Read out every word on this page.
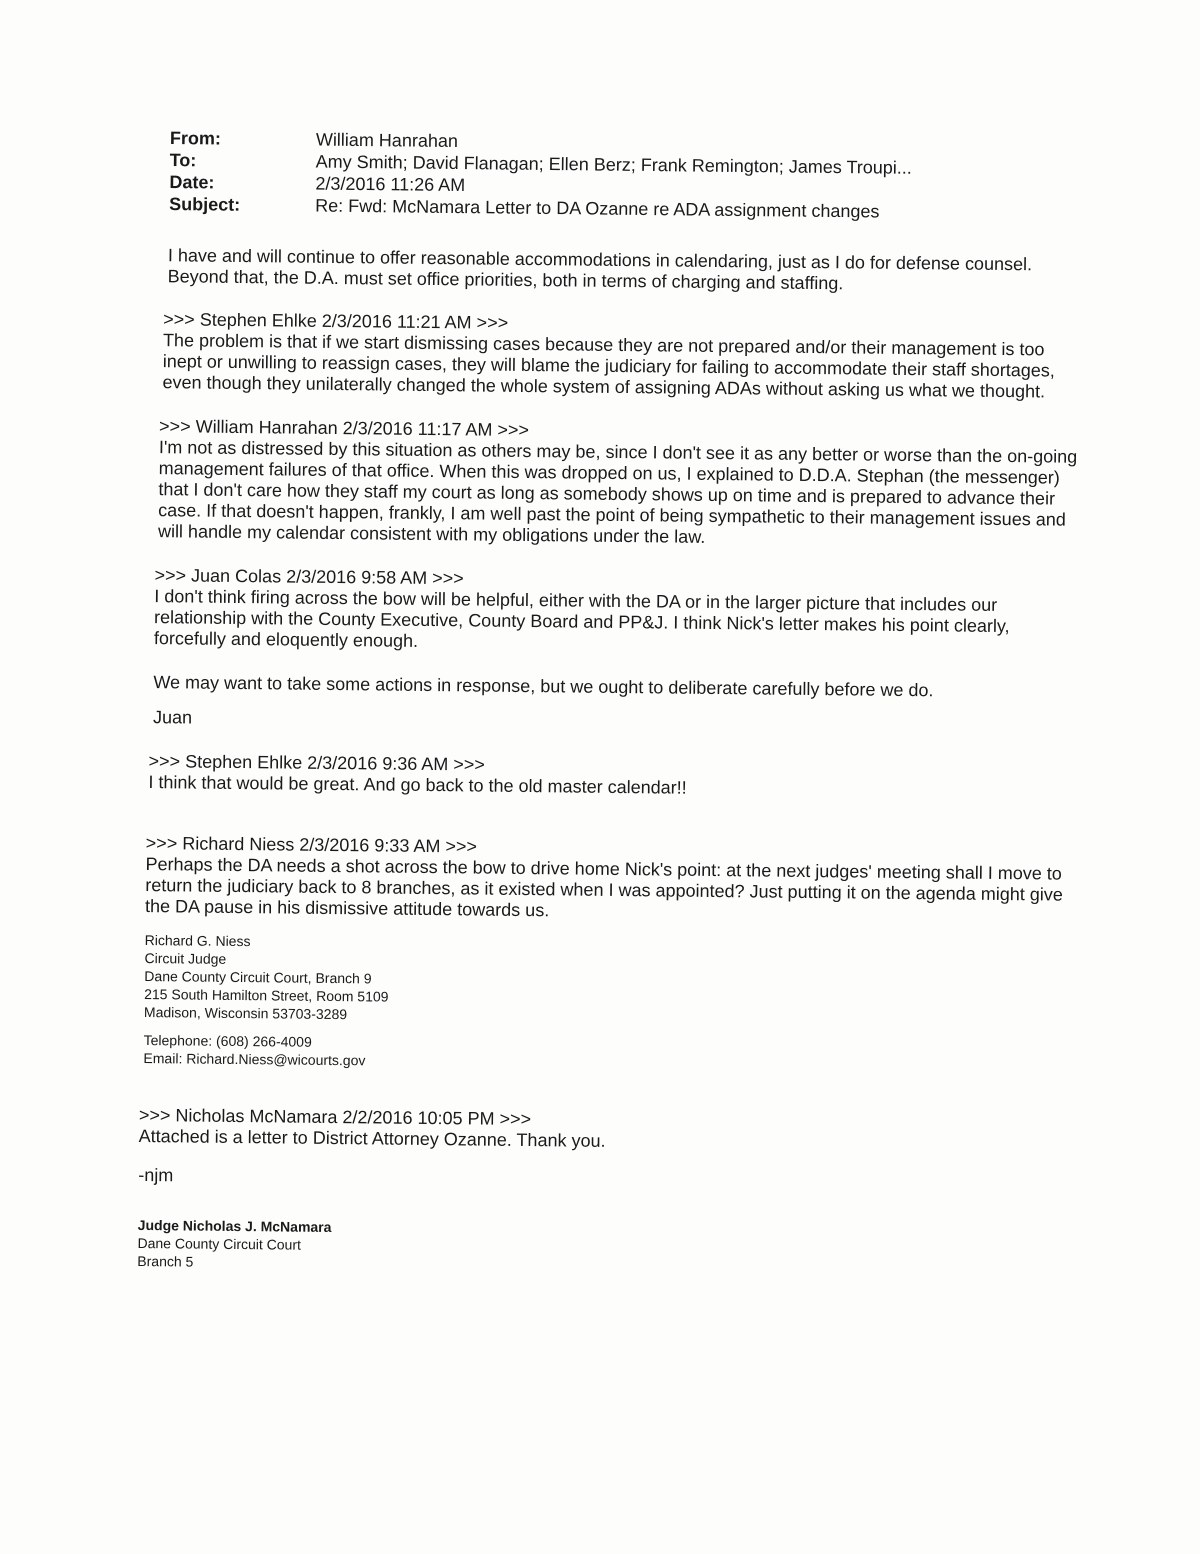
From:	William Hanrahan
To:	Amy Smith; David Flanagan; Ellen Berz; Frank Remington; James Troupi...
Date:	2/3/2016 11:26 AM
Subject:	Re: Fwd: McNamara Letter to DA Ozanne re ADA assignment changes

I have and will continue to offer reasonable accommodations in calendaring, just as I do for defense counsel. Beyond that, the D.A. must set office priorities, both in terms of charging and staffing.

>>> Stephen Ehlke 2/3/2016 11:21 AM >>>

The problem is that if we start dismissing cases because they are not prepared and/or their management is too inept or unwilling to reassign cases, they will blame the judiciary for failing to accommodate their staff shortages, even though they unilaterally changed the whole system of assigning ADAs without asking us what we thought.

>>> William Hanrahan 2/3/2016 11:17 AM >>>

I'm not as distressed by this situation as others may be, since I don't see it as any better or worse than the on-going management failures of that office. When this was dropped on us, I explained to D.D.A. Stephan (the messenger) that I don't care how they staff my court as long as somebody shows up on time and is prepared to advance their case. If that doesn't happen, frankly, I am well past the point of being sympathetic to their management issues and will handle my calendar consistent with my obligations under the law.

>>> Juan Colas 2/3/2016 9:58 AM >>>

I don't think firing across the bow will be helpful, either with the DA or in the larger picture that includes our relationship with the County Executive, County Board and PP&J. I think Nick's letter makes his point clearly, forcefully and eloquently enough.

We may want to take some actions in response, but we ought to deliberate carefully before we do.

Juan

>>> Stephen Ehlke 2/3/2016 9:36 AM >>>

I think that would be great. And go back to the old master calendar!!

>>> Richard Niess 2/3/2016 9:33 AM >>>

Perhaps the DA needs a shot across the bow to drive home Nick's point: at the next judges' meeting shall I move to return the judiciary back to 8 branches, as it existed when I was appointed? Just putting it on the agenda might give the DA pause in his dismissive attitude towards us.

Richard G. Niess

Circuit Judge

Dane County Circuit Court, Branch 9

215 South Hamilton Street, Room 5109

Madison, Wisconsin 53703-3289

Telephone: (608) 266-4009

Email: Richard.Niess@wicourts.gov

>>> Nicholas McNamara 2/2/2016 10:05 PM >>>

Attached is a letter to District Attorney Ozanne. Thank you.

-njm

Judge Nicholas J. McNamara

Dane County Circuit Court

Branch 5
